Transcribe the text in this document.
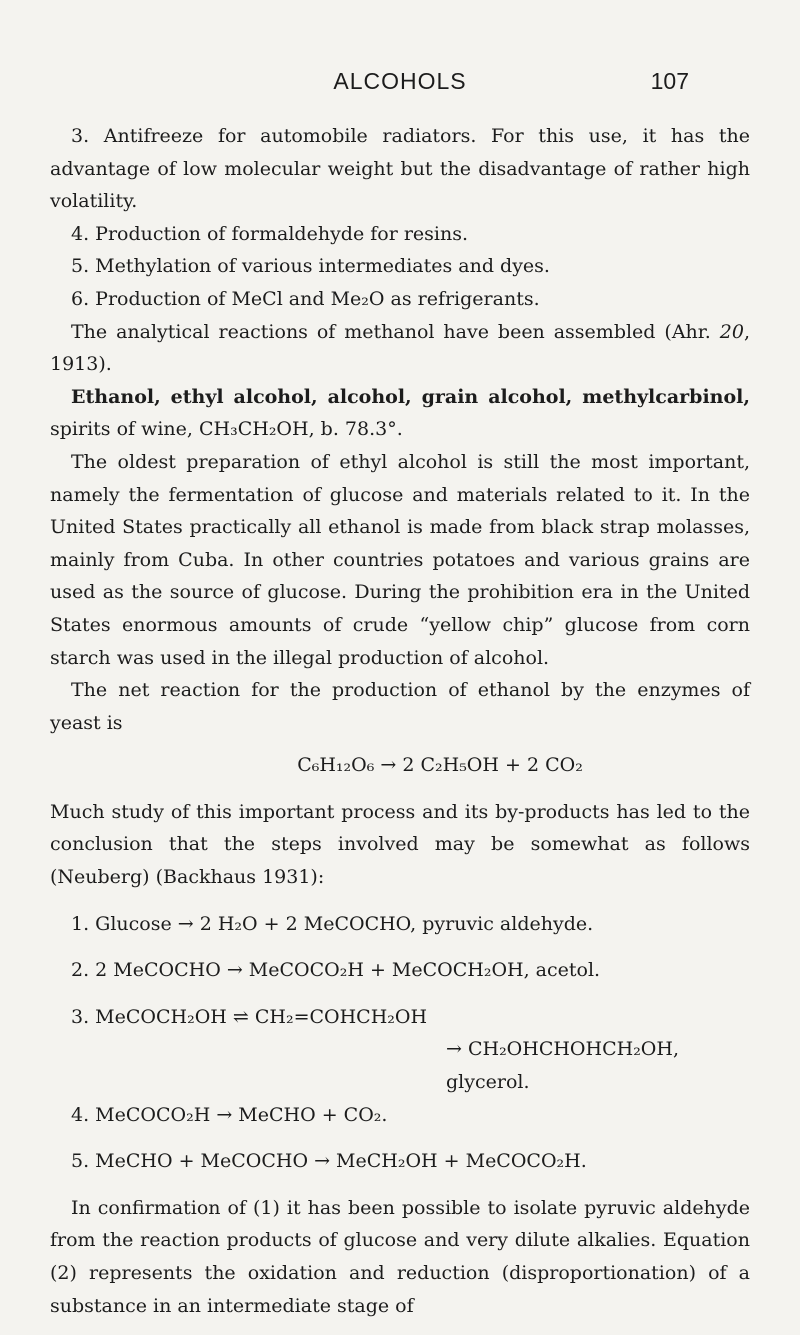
ALCOHOLS	107

3. Antifreeze for automobile radiators. For this use, it has the advantage of low molecular weight but the disadvantage of rather high volatility.

4. Production of formaldehyde for resins.

5. Methylation of various intermediates and dyes.

6. Production of MeCl and Me₂O as refrigerants.

The analytical reactions of methanol have been assembled (Ahr. 20, 1913).

Ethanol, ethyl alcohol, alcohol, grain alcohol, methylcarbinol, spirits of wine, CH₃CH₂OH, b. 78.3°.

The oldest preparation of ethyl alcohol is still the most important, namely the fermentation of glucose and materials related to it. In the United States practically all ethanol is made from black strap molasses, mainly from Cuba. In other countries potatoes and various grains are used as the source of glucose. During the prohibition era in the United States enormous amounts of crude “yellow chip” glucose from corn starch was used in the illegal production of alcohol.

The net reaction for the production of ethanol by the enzymes of yeast is

C₆H₁₂O₆ → 2 C₂H₅OH + 2 CO₂

Much study of this important process and its by-products has led to the conclusion that the steps involved may be somewhat as follows (Neuberg) (Backhaus 1931):

1. Glucose → 2 H₂O + 2 MeCOCHO, pyruvic aldehyde.
2. 2 MeCOCHO → MeCOCO₂H + MeCOCH₂OH, acetol.
3. MeCOCH₂OH ⇌ CH₂=COHCH₂OH
→ CH₂OHCHOHCH₂OH, glycerol.
4. MeCOCO₂H → MeCHO + CO₂.
5. MeCHO + MeCOCHO → MeCH₂OH + MeCOCO₂H.

In confirmation of (1) it has been possible to isolate pyruvic aldehyde from the reaction products of glucose and very dilute alkalies. Equation (2) represents the oxidation and reduction (disproportionation) of a substance in an intermediate stage of
